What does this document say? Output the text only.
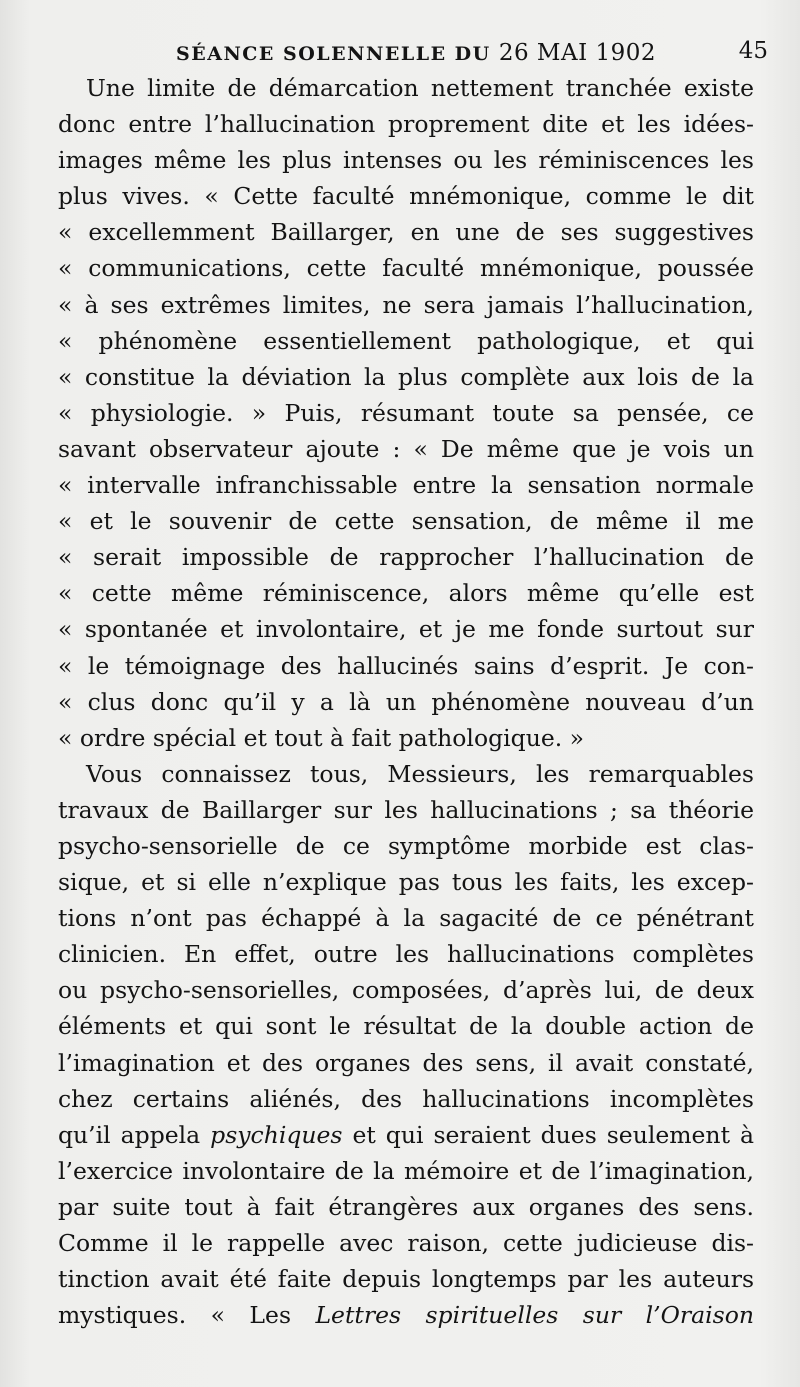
SÉANCE SOLENNELLE DU 26 MAI 1902	45
Une limite de démarcation nettement tranchée existe
donc entre l’hallucination proprement dite et les idées-
images même les plus intenses ou les réminiscences les
plus vives. « Cette faculté mnémonique, comme le dit
« excellemment Baillarger, en une de ses suggestives
« communications, cette faculté mnémonique, poussée
« à ses extrêmes limites, ne sera jamais l’hallucination,
« phénomène essentiellement pathologique, et qui
« constitue la déviation la plus complète aux lois de la
« physiologie. » Puis, résumant toute sa pensée, ce
savant observateur ajoute : « De même que je vois un
« intervalle infranchissable entre la sensation normale
« et le souvenir de cette sensation, de même il me
« serait impossible de rapprocher l’hallucination de
« cette même réminiscence, alors même qu’elle est
« spontanée et involontaire, et je me fonde surtout sur
« le témoignage des hallucinés sains d’esprit. Je con-
« clus donc qu’il y a là un phénomène nouveau d’un
« ordre spécial et tout à fait pathologique. »
Vous connaissez tous, Messieurs, les remarquables
travaux de Baillarger sur les hallucinations ; sa théorie
psycho-sensorielle de ce symptôme morbide est clas-
sique, et si elle n’explique pas tous les faits, les excep-
tions n’ont pas échappé à la sagacité de ce pénétrant
clinicien. En effet, outre les hallucinations complètes
ou psycho-sensorielles, composées, d’après lui, de deux
éléments et qui sont le résultat de la double action de
l’imagination et des organes des sens, il avait constaté,
chez certains aliénés, des hallucinations incomplètes
qu’il appela psychiques et qui seraient dues seulement à
l’exercice involontaire de la mémoire et de l’imagination,
par suite tout à fait étrangères aux organes des sens.
Comme il le rappelle avec raison, cette judicieuse dis-
tinction avait été faite depuis longtemps par les auteurs
mystiques. « Les Lettres spirituelles sur l’Oraison
